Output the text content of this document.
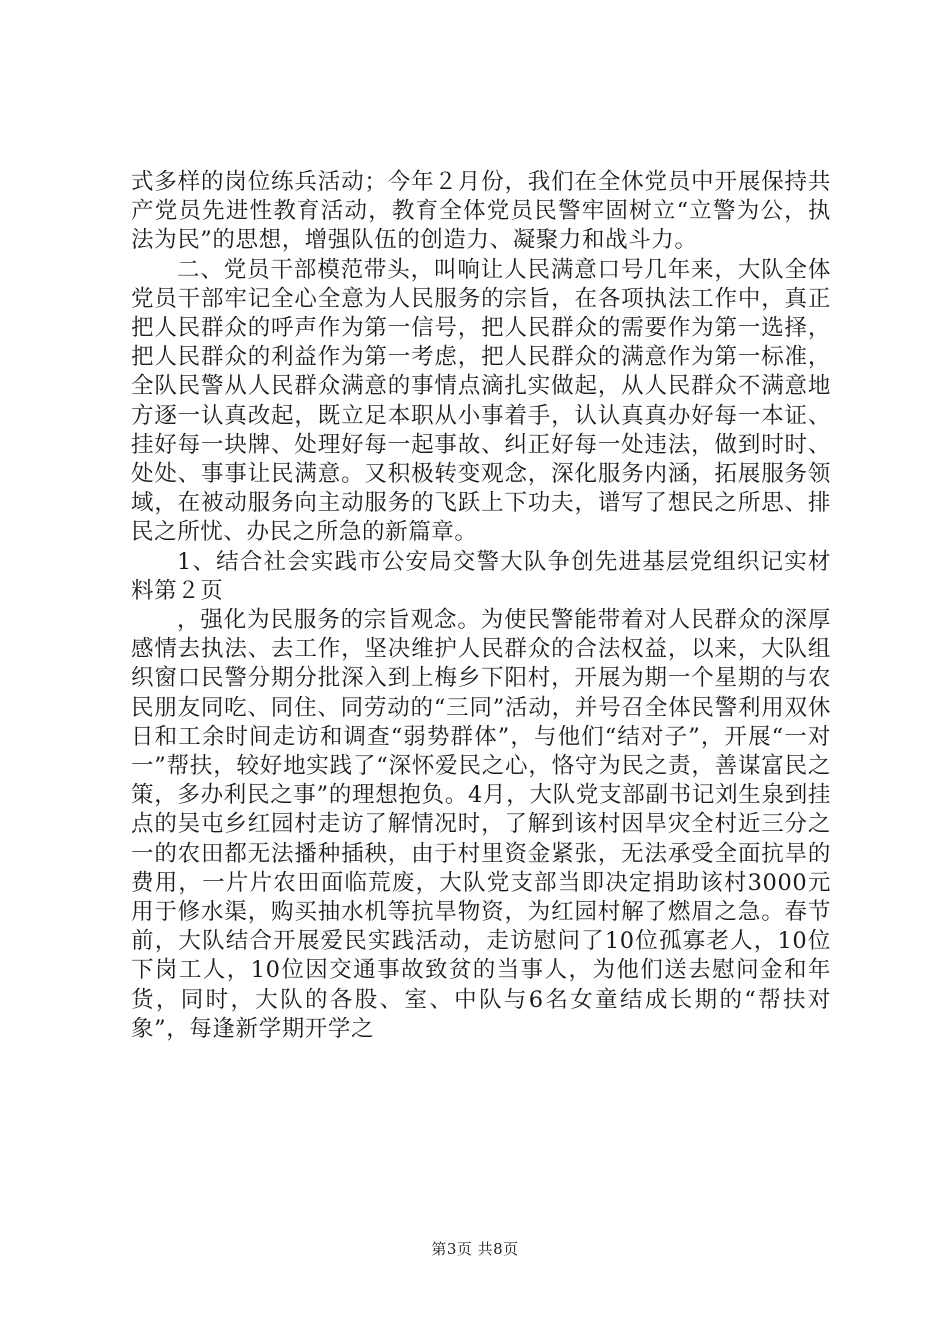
式多样的岗位练兵活动；今年２月份，我们在全休党员中开展保持共产党员先进性教育活动，教育全体党员民警牢固树立“立警为公，执法为民”的思想，增强队伍的创造力、凝聚力和战斗力。

二、党员干部模范带头，叫响让人民满意口号几年来，大队全体党员干部牢记全心全意为人民服务的宗旨，在各项执法工作中，真正把人民群众的呼声作为第一信号，把人民群众的需要作为第一选择，把人民群众的利益作为第一考虑，把人民群众的满意作为第一标准，全队民警从人民群众满意的事情点滴扎实做起，从人民群众不满意地方逐一认真改起，既立足本职从小事着手，认认真真办好每一本证、挂好每一块牌、处理好每一起事故、纠正好每一处违法，做到时时、处处、事事让民满意。又积极转变观念，深化服务内涵，拓展服务领域，在被动服务向主动服务的飞跃上下功夫，谱写了想民之所思、排民之所忧、办民之所急的新篇章。

1、结合社会实践市公安局交警大队争创先进基层党组织记实材料第２页

，强化为民服务的宗旨观念。为使民警能带着对人民群众的深厚感情去执法、去工作，坚决维护人民群众的合法权益，以来，大队组织窗口民警分期分批深入到上梅乡下阳村，开展为期一个星期的与农民朋友同吃、同住、同劳动的“三同”活动，并号召全体民警利用双休日和工余时间走访和调查“弱势群体”，与他们“结对子”，开展“一对一”帮扶，较好地实践了“深怀爱民之心，恪守为民之责，善谋富民之策，多办利民之事”的理想抱负。4月，大队党支部副书记刘生泉到挂点的吴屯乡红园村走访了解情况时，了解到该村因旱灾全村近三分之一的农田都无法播种插秧，由于村里资金紧张，无法承受全面抗旱的费用，一片片农田面临荒废，大队党支部当即决定捐助该村3000元用于修水渠，购买抽水机等抗旱物资，为红园村解了燃眉之急。春节前，大队结合开展爱民实践活动，走访慰问了10位孤寡老人，10位下岗工人，10位因交通事故致贫的当事人，为他们送去慰问金和年货，同时，大队的各股、室、中队与6名女童结成长期的“帮扶对象”，每逢新学期开学之

第3页 共8页
